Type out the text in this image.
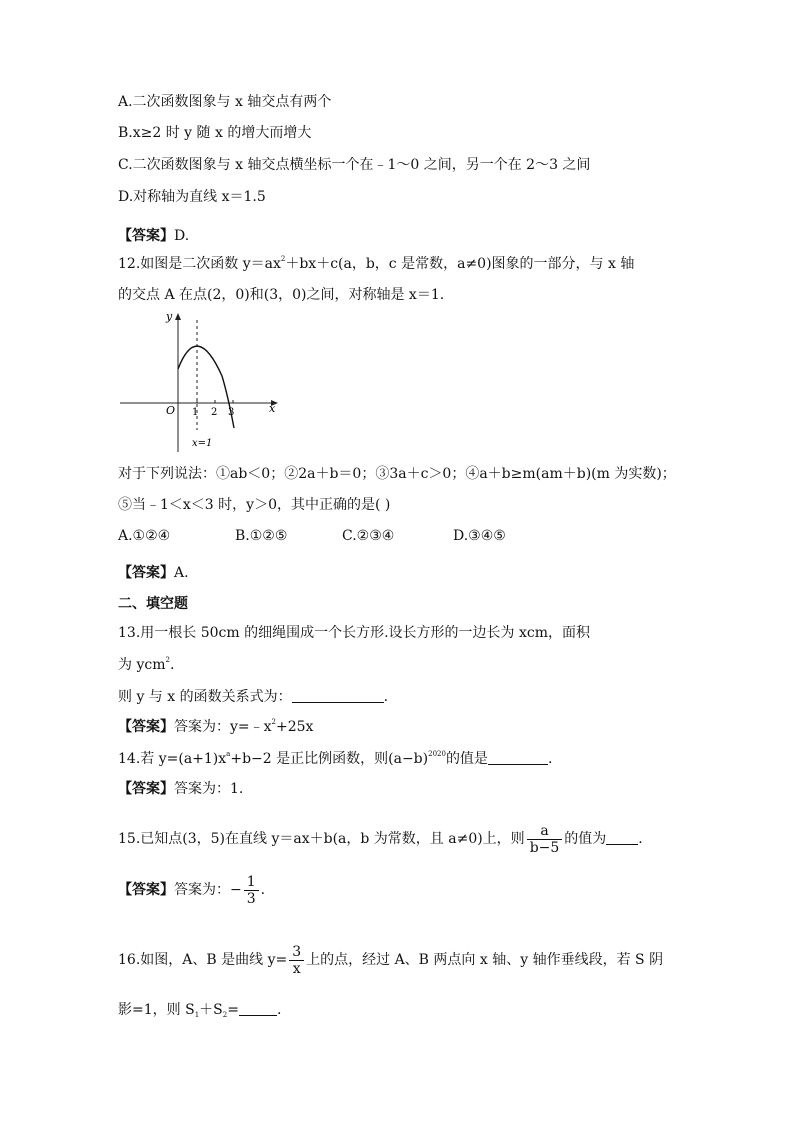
A.二次函数图象与 x 轴交点有两个
B.x≥2 时 y 随 x 的增大而增大
C.二次函数图象与 x 轴交点横坐标一个在﹣1～0 之间，另一个在 2～3 之间
D.对称轴为直线 x＝1.5
【答案】D.
12.如图是二次函数 $y=ax^2+bx+c(a$，b，c 是常数，a≠0)图象的一部分，与 x 轴
的交点 A 在点(2，0)和(3，0)之间，对称轴是 x＝1.
y
x
O 1 2 3
x=1
对于下列说法：①ab＜0；②2a＋b＝0；③3a＋c＞0；④a＋b≥m(am＋b)(m 为实数)；
⑤当﹣1＜x＜3 时，y＞0，其中正确的是( )
A.①②④	B.①②⑤	C.②③④	D.③④⑤
【答案】A.
二、填空题
13.用一根长 50cm 的细绳围成一个长方形.设长方形的一边长为 xcm，面积
为 ycm$^2$.
则 y 与 x 的函数关系式为：	.
【答案】答案为：$y=﹣x^2+25x$
14.若 $y=(a+1)x^a+b-2$ 是正比例函数，则$(a-b)^{2020}$的值是	.
【答案】答案为：1.
15.已知点(3，5)在直线 y＝ax＋b(a，b 为常数，且 a≠0)上，则 $\frac{a}{b-5}$ 的值为 .
【答案】答案为：− $\frac{1}{3}$ .
16.如图，A、B 是曲线 $y= \frac{3}{x}$ 上的点，经过 A、B 两点向 x 轴、y 轴作垂线段，若 S 阴
影=1，则 $S_1+S_2=$	.
